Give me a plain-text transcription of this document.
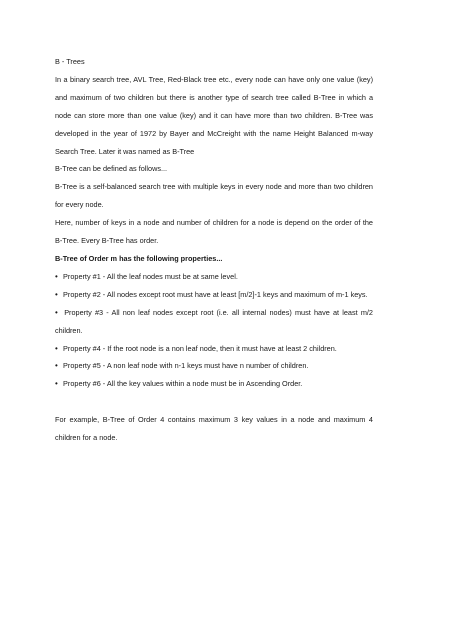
B - Trees

In a binary search tree, AVL Tree, Red-Black tree etc., every node can have only one value (key) and maximum of two children but there is another type of search tree called B-Tree in which a node can store more than one value (key) and it can have more than two children. B-Tree was developed in the year of 1972 by Bayer and McCreight with the name Height Balanced m-way Search Tree. Later it was named as B-Tree

B-Tree can be defined as follows...

B-Tree is a self-balanced search tree with multiple keys in every node and more than two children for every node.

Here, number of keys in a node and number of children for a node is depend on the order of the B-Tree. Every B-Tree has order.

B-Tree of Order m has the following properties...

• Property #1 - All the leaf nodes must be at same level.

• Property #2 - All nodes except root must have at least [m/2]-1 keys and maximum of m-1 keys.

• Property #3 - All non leaf nodes except root (i.e. all internal nodes) must have at least m/2 children.

• Property #4 - If the root node is a non leaf node, then it must have at least 2 children.

• Property #5 - A non leaf node with n-1 keys must have n number of children.

• Property #6 - All the key values within a node must be in Ascending Order.

For example, B-Tree of Order 4 contains maximum 3 key values in a node and maximum 4 children for a node.
